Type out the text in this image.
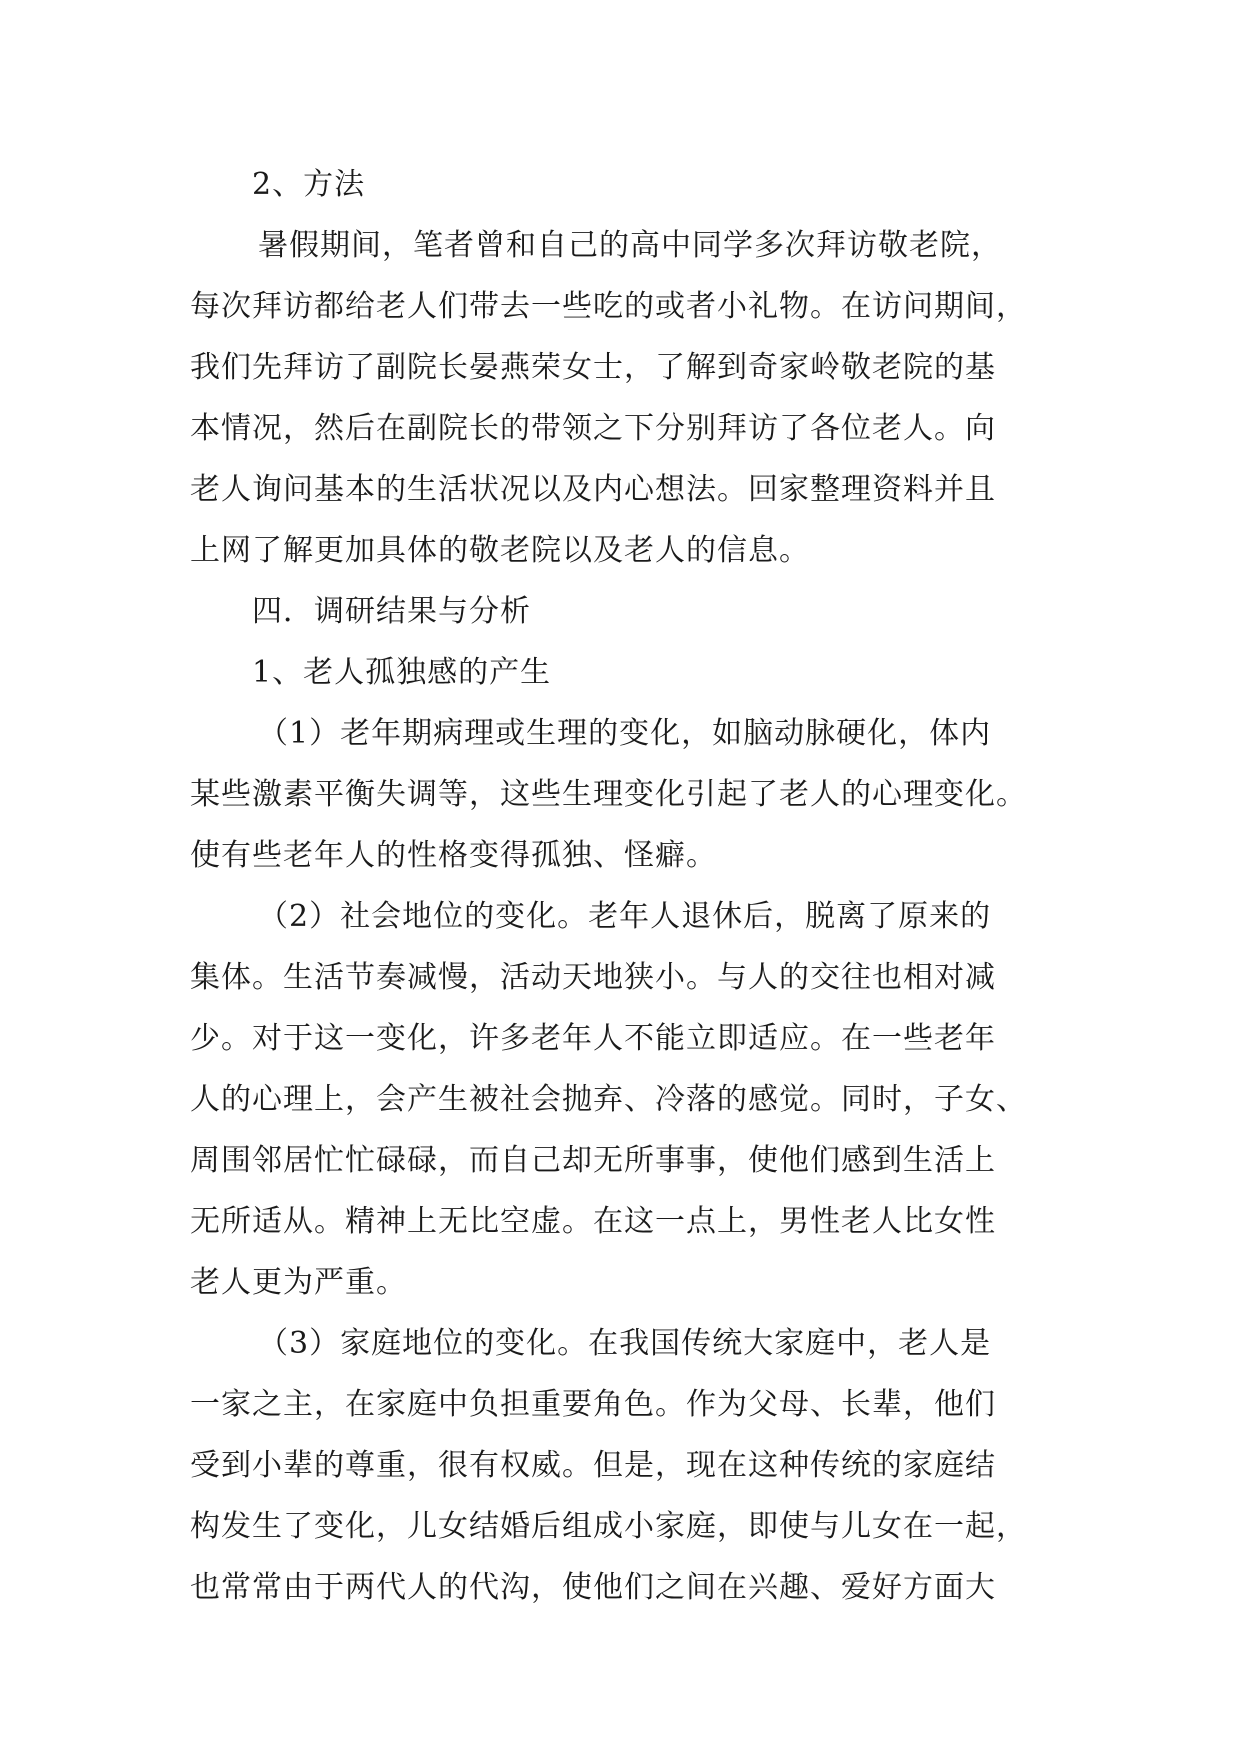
2、方法
暑假期间，笔者曾和自己的高中同学多次拜访敬老院，
每次拜访都给老人们带去一些吃的或者小礼物。在访问期间，
我们先拜访了副院长晏燕荣女士，了解到奇家岭敬老院的基
本情况，然后在副院长的带领之下分别拜访了各位老人。向
老人询问基本的生活状况以及内心想法。回家整理资料并且
上网了解更加具体的敬老院以及老人的信息。
四．调研结果与分析
1、老人孤独感的产生
（1）老年期病理或生理的变化，如脑动脉硬化，体内
某些激素平衡失调等，这些生理变化引起了老人的心理变化。
使有些老年人的性格变得孤独、怪癖。
（2）社会地位的变化。老年人退休后，脱离了原来的
集体。生活节奏减慢，活动天地狭小。与人的交往也相对减
少。对于这一变化，许多老年人不能立即适应。在一些老年
人的心理上，会产生被社会抛弃、冷落的感觉。同时，子女、
周围邻居忙忙碌碌，而自己却无所事事，使他们感到生活上
无所适从。精神上无比空虚。在这一点上，男性老人比女性
老人更为严重。
（3）家庭地位的变化。在我国传统大家庭中，老人是
一家之主，在家庭中负担重要角色。作为父母、长辈，他们
受到小辈的尊重，很有权威。但是，现在这种传统的家庭结
构发生了变化，儿女结婚后组成小家庭，即使与儿女在一起，
也常常由于两代人的代沟，使他们之间在兴趣、爱好方面大
